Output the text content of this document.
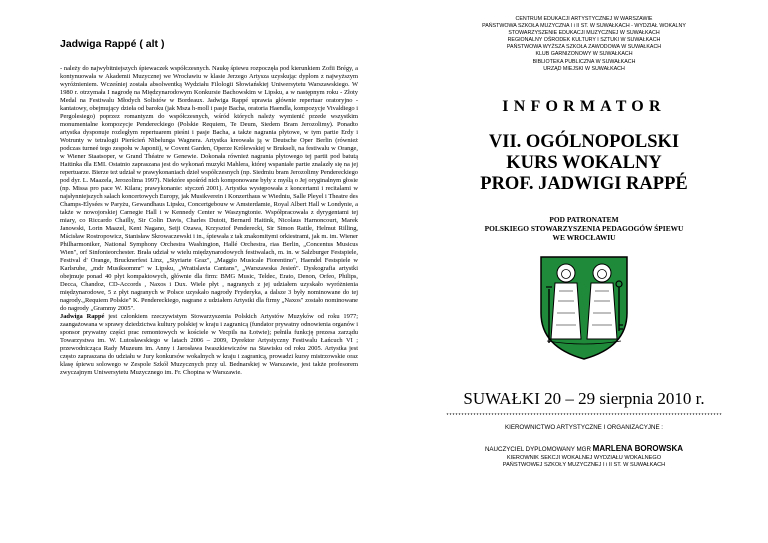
Jadwiga Rappé ( alt )

- należy do najwybitniejszych śpiewaczek współczesnych. Naukę śpiewu rozpoczęła pod kierunkiem Zofii Brégy, a kontynuowała w Akademii Muzycznej we Wrocławiu w klasie Jerzego Artysza uzyskując dyplom z najwyższym wyróżnieniem. Wcześniej została absolwentką Wydziału Filologii Słowiańskiej Uniwersytetu Warszawskiego. W 1980 r. otrzymała I nagrodę na Międzynarodowym Konkursie Bachowskim w Lipsku, a w następnym roku - Złoty Medal na Festiwalu Młodych Solistów w Bordeaux. Jadwiga Rappé uprawia głównie repertuar oratoryjno - kantatowy, obejmujący dzieła od baroku (jak Msza h-moll i pasje Bacha, oratoria Haendla, kompozycje Vivaldiego i Pergolesiego) poprzez romantyzm do współczesnych, wśród których należy wymienić przede wszystkim monumentalne kompozycje Pendereckiego (Polskie Requiem, Te Deum, Siedem Bram Jerozolimy). Ponadto artystka dysponuje rozległym repertuarem pieśni i pasje Bacha, a także nagrania płytowe, w tym partie Erdy i Wotrunty w tetralogii Pierścień Nibelunga Wagnera. Artystka kreowała ją w Deutsche Oper Berlin (również podczas turneé tego zespołu w Japonii), w Covent Garden, Operze Królewskiej w Brukseli, na festiwalu w Orange, w Wiener Staatsoper, w Grand Théatre w Genewie. Dokonała również nagrania płytowego tej partii pod batutą Haitinka dla EMI. Ostatnio zapraszana jest do wykonań muzyki Mahlera, której wspaniałe partie znalazły się na jej repertuarze. Bierze też udział w prawykonaniach dzieł współczesnych (np. Siedmiu bram Jerozolimy Pendereckiego pod dyr. L. Maazela, Jerozolima 1997). Niektóre spośród nich komponowane były z myślą o Jej oryginalnym głosie (np. Missa pro pace W. Kilara; prawykonanie: styczeń 2001). Artystka występowała z koncertami i recitalami w najsłynniejszych salach koncertowych Europy, jak Musikverein i Konzerthaus w Wiedniu, Salle Pleyel i Theatre des Champs-Elysées w Paryżu, Gewandhaus Lipsku, Concertgebouw w Amsterdamie, Royal Albert Hall w Londynie, a także w nowojorskiej Carnegie Hall i w Kennedy Center w Waszyngtonie. Współpracowała z dyrygentami tej miary, co Riccardo Chailly, Sir Colin Davis, Charles Dutoit, Bernard Haitink, Nicolaus Harnoncourt, Marek Janowski, Lorin Maazel, Kent Nagano, Seiji Ozawa, Krzysztof Penderecki, Sir Simon Rattle, Helmut Rilling, Mścisław Rostropowicz, Stanisław Skrowaczewski i in., śpiewała z tak znakomitymi orkiestrami, jak m. im. Wiener Philharmoniker, National Symphony Orchestra Washington, Hallé Orchestra, rias Berlin, „Concentus Musicus Wien", orf Sinfonieorchester. Brała udział w wielu międzynarodowych festiwalach, m. in. w Salzburger Festspiele, Festival d' Orange, Brucknerfest Linz, „Styriarte Graz", „Maggio Musicale Fiorentino", Haendel Festspiele w Karlsruhe, „mdr Musiksommr" w Lipsku, „Wratislavia Cantans", „Warszawska Jesień". Dyskografia artystki obejmuje ponad 40 płyt kompaktowych, głównie dla firm: BMG Music, Teldec, Erato, Denon, Orfeo, Philips, Decca, Chandoz, CD-Accords , Naxos i Dux. Wiele płyt , nagranych z jej udziałem uzyskało wyróżnienia międzynarodowe, 5 z płyt nagranych w Polsce uzyskało nagrody Fryderyka, a dalsze 3 były nominowane do tej nagrody.„Requiem Polskie" K. Pendereckiego, nagrane z udziałem Artystki dla firmy „Naxos" zostało nominowane do nagrody „Grammy 2005".

Jadwiga Rappé jest członkiem rzeczywistym Stowarzyszenia Polskich Artystów Muzyków od roku 1977; zaangażowana w sprawy dziedzictwa kultury polskiej w kraju i zagranicą (fundator prywatny odnowienia organów i sponsor prywatny części prac remontowych w kościele w Vecpils na Łotwie); pełniła funkcję prezesa zarządu Towarzystwa im. W. Lutosławskiego w latach 2006 – 2009, Dyrektor Artystyczny Festiwalu Łańcuch VI ; przewodnicząca Rady Muzeum im. Anny i Jarosława Iwaszkiewiczów na Stawisku od roku 2005. Artystka jest często zapraszana do udziału w Jury konkursów wokalnych w kraju i zagranicą, prowadzi kursy mistrzowskie oraz klasę śpiewu solowego w Zespole Szkół Muzycznych przy ul. Bednarskiej w Warszawie, jest także profesorem zwyczajnym Uniwersytetu Muzycznego im. Fr. Chopina w Warszawie.

CENTRUM EDUKACJI ARTYSTYCZNEJ W WARSZAWIE
PAŃSTWOWA SZKOŁA MUZYCZNA I i II ST. W SUWAŁKACH - WYDZIAŁ WOKALNY
STOWARZYSZENIE EDUKACJI MUZYCZNEJ W SUWAŁKACH
REGIONALNY OŚRODEK KULTURY I SZTUKI W SUWAŁKACH
PAŃSTWOWA WYŻSZA SZKOŁA ZAWODOWA W SUWAŁKACH
KLUB GARNIZONOWY W SUWAŁKACH
BIBLIOTEKA PUBLICZNA W SUWAŁKACH
URZĄD MIEJSKI W SUWAŁKACH
INFORMATOR
VII. OGÓLNOPOLSKI
KURS WOKALNY
PROF. JADWIGI RAPPÉ
POD PATRONATEM
POLSKIEGO STOWARZYSZENIA PEDAGOGÓW ŚPIEWU
WE WROCŁAWIU
SUWAŁKI 20 – 29 sierpnia 2010 r.
********************************************************************************************
KIEROWNICTWO ARTYSTYCZNE I ORGANIZACYJNE :
NAUCZYCIEL DYPLOMOWANY MGR MARLENA BOROWSKA
KIEROWNIK SEKCJI WOKALNEJ WYDZIAŁU WOKALNEGO
PAŃSTWOWEJ SZKOŁY MUZYCZNEJ I i II ST. W SUWAŁKACH
